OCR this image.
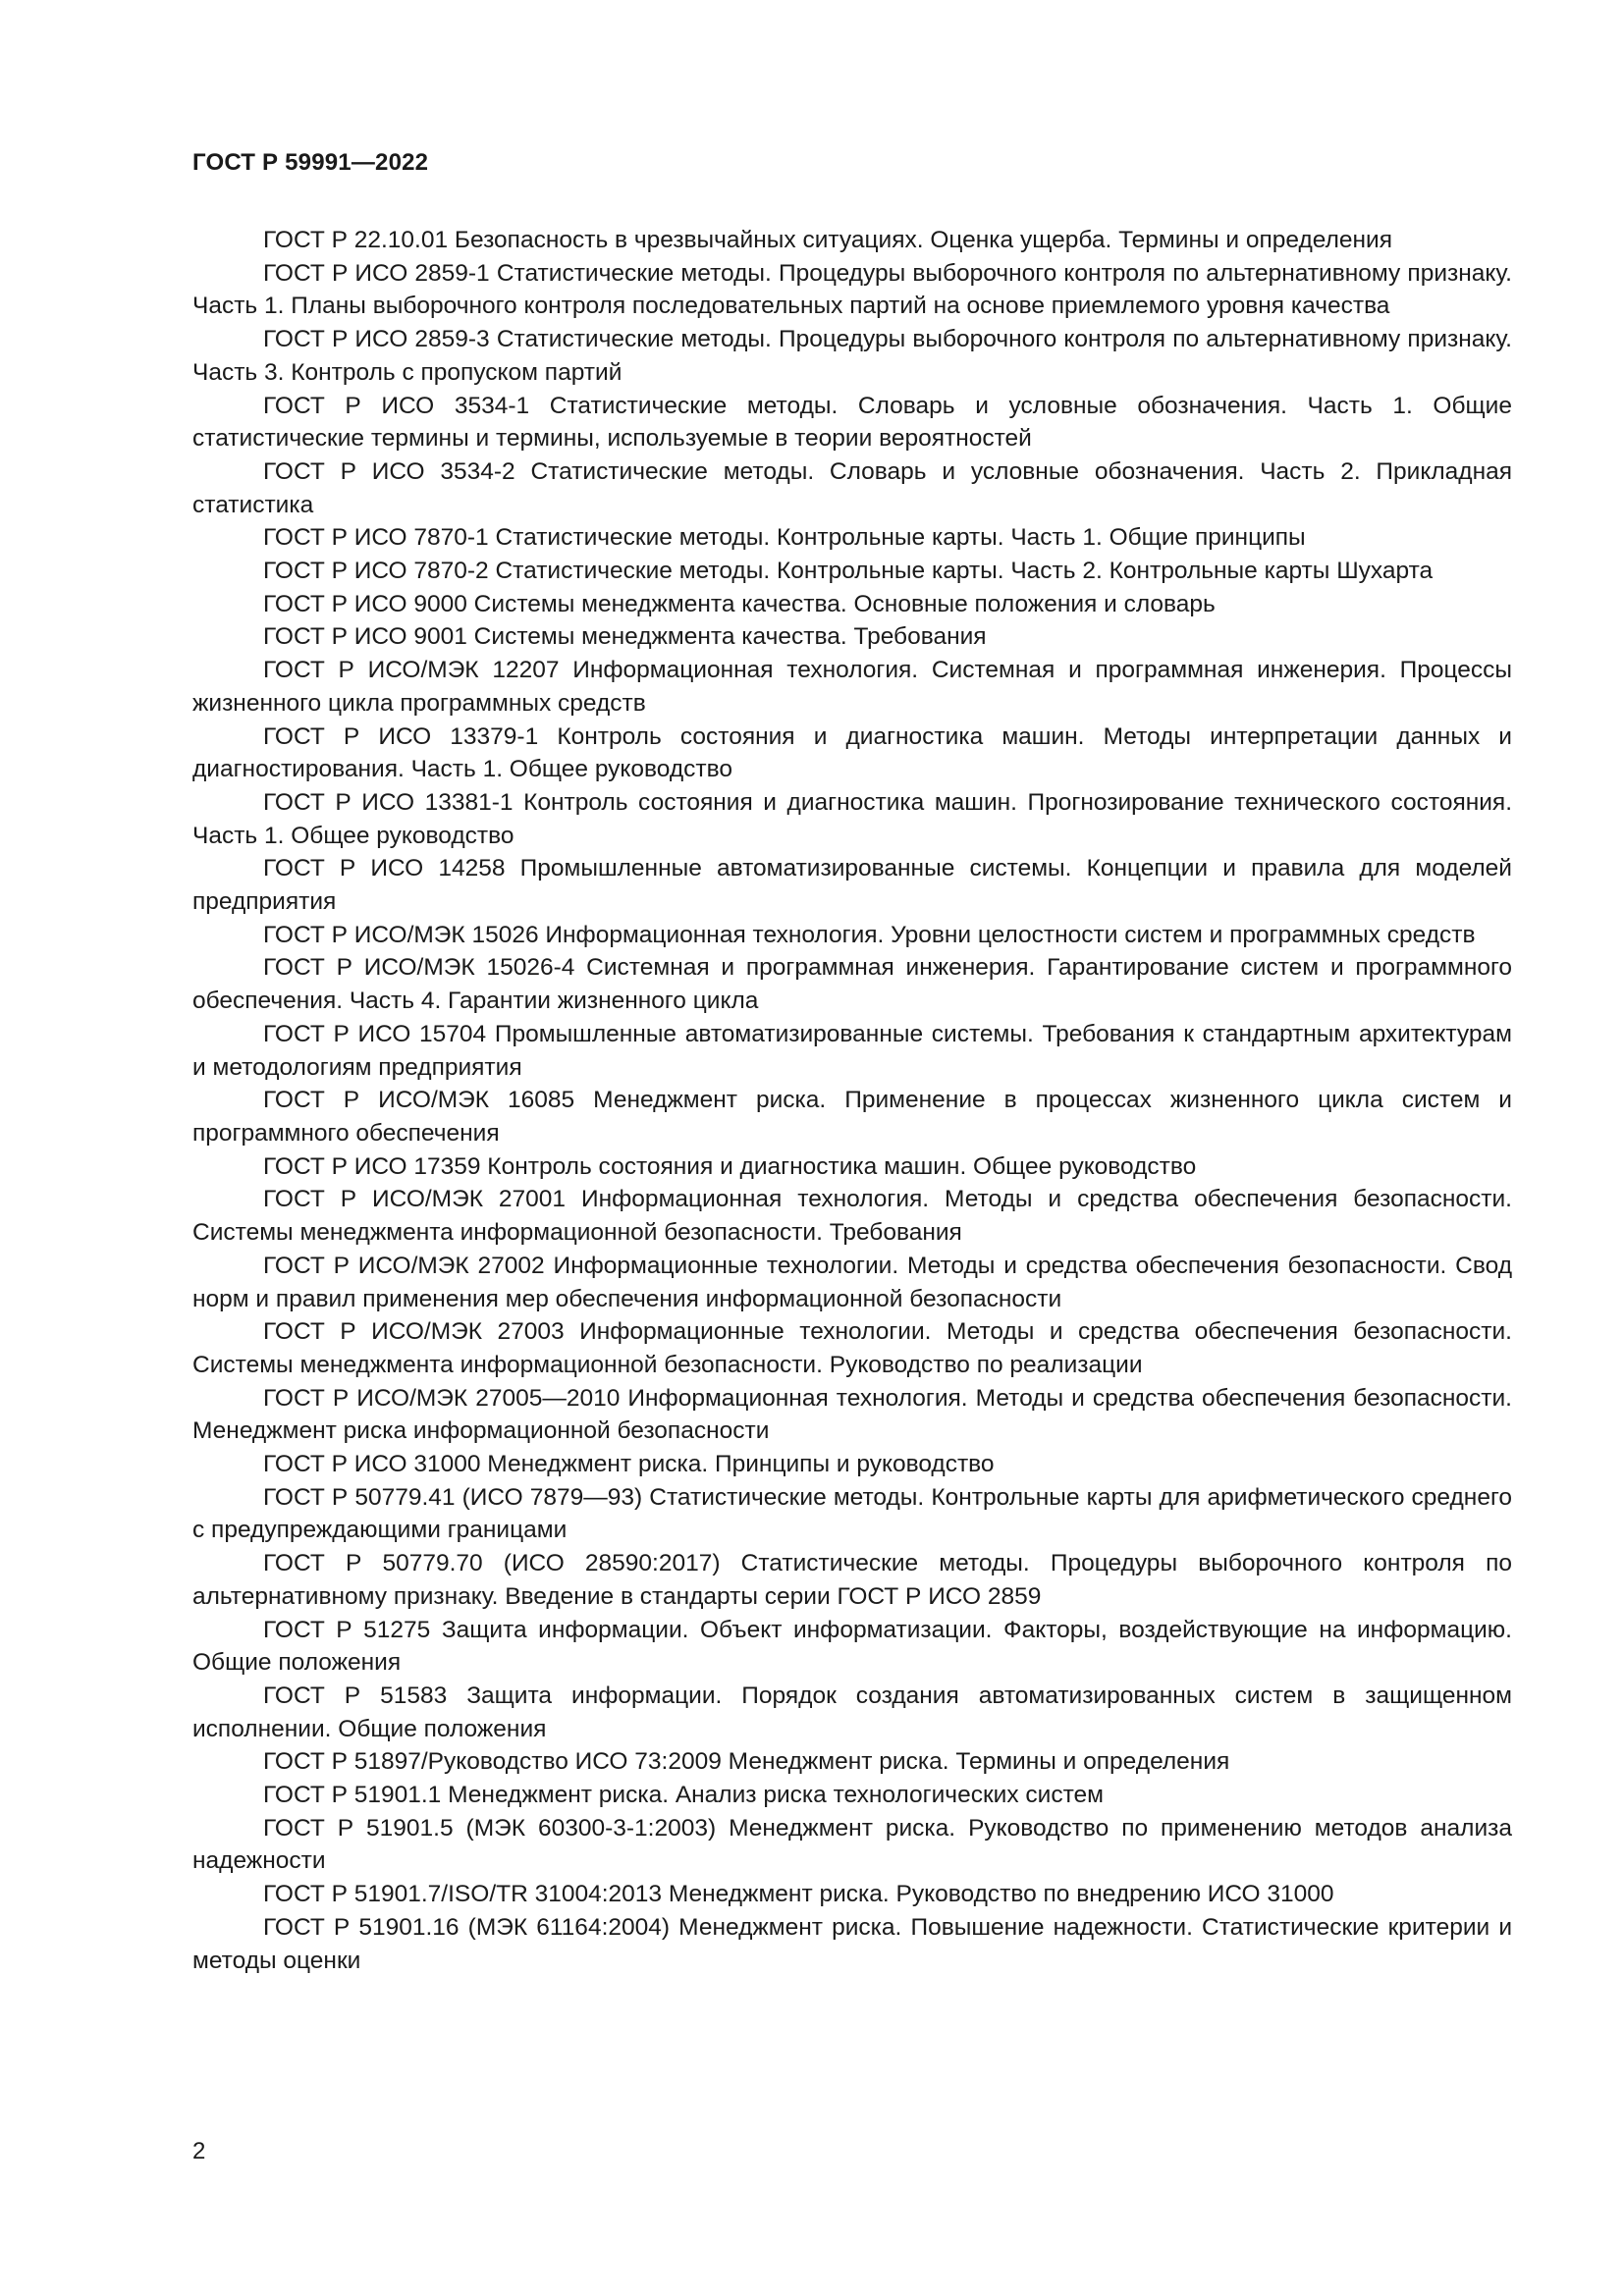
ГОСТ Р 59991—2022
ГОСТ Р 22.10.01 Безопасность в чрезвычайных ситуациях. Оценка ущерба. Термины и определения
ГОСТ Р ИСО 2859-1 Статистические методы. Процедуры выборочного контроля по альтернативному признаку. Часть 1. Планы выборочного контроля последовательных партий на основе приемлемого уровня качества
ГОСТ Р ИСО 2859-3 Статистические методы. Процедуры выборочного контроля по альтернативному признаку. Часть 3. Контроль с пропуском партий
ГОСТ Р ИСО 3534-1 Статистические методы. Словарь и условные обозначения. Часть 1. Общие статистические термины и термины, используемые в теории вероятностей
ГОСТ Р ИСО 3534-2 Статистические методы. Словарь и условные обозначения. Часть 2. Прикладная статистика
ГОСТ Р ИСО 7870-1 Статистические методы. Контрольные карты. Часть 1. Общие принципы
ГОСТ Р ИСО 7870-2 Статистические методы. Контрольные карты. Часть 2. Контрольные карты Шухарта
ГОСТ Р ИСО 9000 Системы менеджмента качества. Основные положения и словарь
ГОСТ Р ИСО 9001 Системы менеджмента качества. Требования
ГОСТ Р ИСО/МЭК 12207 Информационная технология. Системная и программная инженерия. Процессы жизненного цикла программных средств
ГОСТ Р ИСО 13379-1 Контроль состояния и диагностика машин. Методы интерпретации данных и диагностирования. Часть 1. Общее руководство
ГОСТ Р ИСО 13381-1 Контроль состояния и диагностика машин. Прогнозирование технического состояния. Часть 1. Общее руководство
ГОСТ Р ИСО 14258 Промышленные автоматизированные системы. Концепции и правила для моделей предприятия
ГОСТ Р ИСО/МЭК 15026 Информационная технология. Уровни целостности систем и программных средств
ГОСТ Р ИСО/МЭК 15026-4 Системная и программная инженерия. Гарантирование систем и программного обеспечения. Часть 4. Гарантии жизненного цикла
ГОСТ Р ИСО 15704 Промышленные автоматизированные системы. Требования к стандартным архитектурам и методологиям предприятия
ГОСТ Р ИСО/МЭК 16085 Менеджмент риска. Применение в процессах жизненного цикла систем и программного обеспечения
ГОСТ Р ИСО 17359 Контроль состояния и диагностика машин. Общее руководство
ГОСТ Р ИСО/МЭК 27001 Информационная технология. Методы и средства обеспечения безопасности. Системы менеджмента информационной безопасности. Требования
ГОСТ Р ИСО/МЭК 27002 Информационные технологии. Методы и средства обеспечения безопасности. Свод норм и правил применения мер обеспечения информационной безопасности
ГОСТ Р ИСО/МЭК 27003 Информационные технологии. Методы и средства обеспечения безопасности. Системы менеджмента информационной безопасности. Руководство по реализации
ГОСТ Р ИСО/МЭК 27005—2010 Информационная технология. Методы и средства обеспечения безопасности. Менеджмент риска информационной безопасности
ГОСТ Р ИСО 31000 Менеджмент риска. Принципы и руководство
ГОСТ Р 50779.41 (ИСО 7879—93) Статистические методы. Контрольные карты для арифметического среднего с предупреждающими границами
ГОСТ Р 50779.70 (ИСО 28590:2017) Статистические методы. Процедуры выборочного контроля по альтернативному признаку. Введение в стандарты серии ГОСТ Р ИСО 2859
ГОСТ Р 51275 Защита информации. Объект информатизации. Факторы, воздействующие на информацию. Общие положения
ГОСТ Р 51583 Защита информации. Порядок создания автоматизированных систем в защищенном исполнении. Общие положения
ГОСТ Р 51897/Руководство ИСО 73:2009 Менеджмент риска. Термины и определения
ГОСТ Р 51901.1 Менеджмент риска. Анализ риска технологических систем
ГОСТ Р 51901.5 (МЭК 60300-3-1:2003) Менеджмент риска. Руководство по применению методов анализа надежности
ГОСТ Р 51901.7/ISO/TR 31004:2013 Менеджмент риска. Руководство по внедрению ИСО 31000
ГОСТ Р 51901.16 (МЭК 61164:2004) Менеджмент риска. Повышение надежности. Статистические критерии и методы оценки
2
